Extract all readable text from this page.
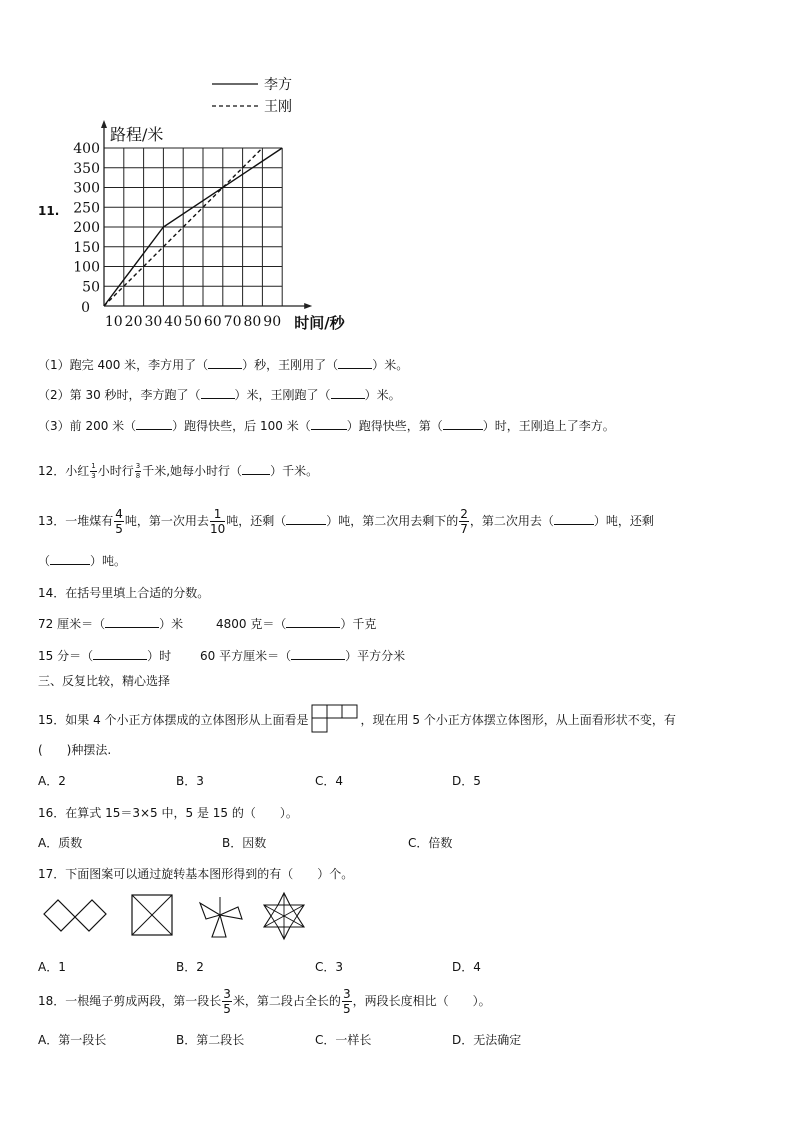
11.
0
50
100
150
200
250
300
350
400
10 20 30 40 50 60 70 80 90
路程/米
时间/秒
李方
王刚
（1）跑完 400 米，李方用了（	）秒，王刚用了（	）米。
（2）第 30 秒时，李方跑了（	）米，王刚跑了（	）米。
（3）前 200 米（	）跑得快些，后 100 米（	）跑得快些，第（	）时，王刚追上了李方。
12．小红 $\frac{1}{3}$ 小时行 $\frac{3}{8}$ 千米,她每小时行（ ）千米。
13．一堆煤有 $\frac{4}{5}$ 吨，第一次用去 $\frac{1}{10}$ 吨，还剩（	）吨，第二次用去剩下的 $\frac{2}{7}$ ，第二次用去（	）吨，还剩
（	）吨。
14．在括号里填上合适的分数。
72 厘米＝（	）米	4800 克＝（	）千克
15 分＝（	）时 60 平方厘米＝（	）平方分米
三、反复比较，精心选择
15．如果 4 个小正方体摆成的立体图形从上面看是	，现在用 5 个小正方体摆立体图形，从上面看形状不变，有
(　　)种摆法.
A．2	B．3	C．4	D．5
16．在算式 15＝3×5 中，5 是 15 的（　　）。
A．质数	B．因数	C．倍数
17．下面图案可以通过旋转基本图形得到的有（　　）个。
A．1	B．2	C．3	D．4
18．一根绳子剪成两段，第一段长 $\frac{3}{5}$ 米，第二段占全长的 $\frac{3}{5}$ ，两段长度相比（　　）。
A．第一段长	B．第二段长	C．一样长	D．无法确定
